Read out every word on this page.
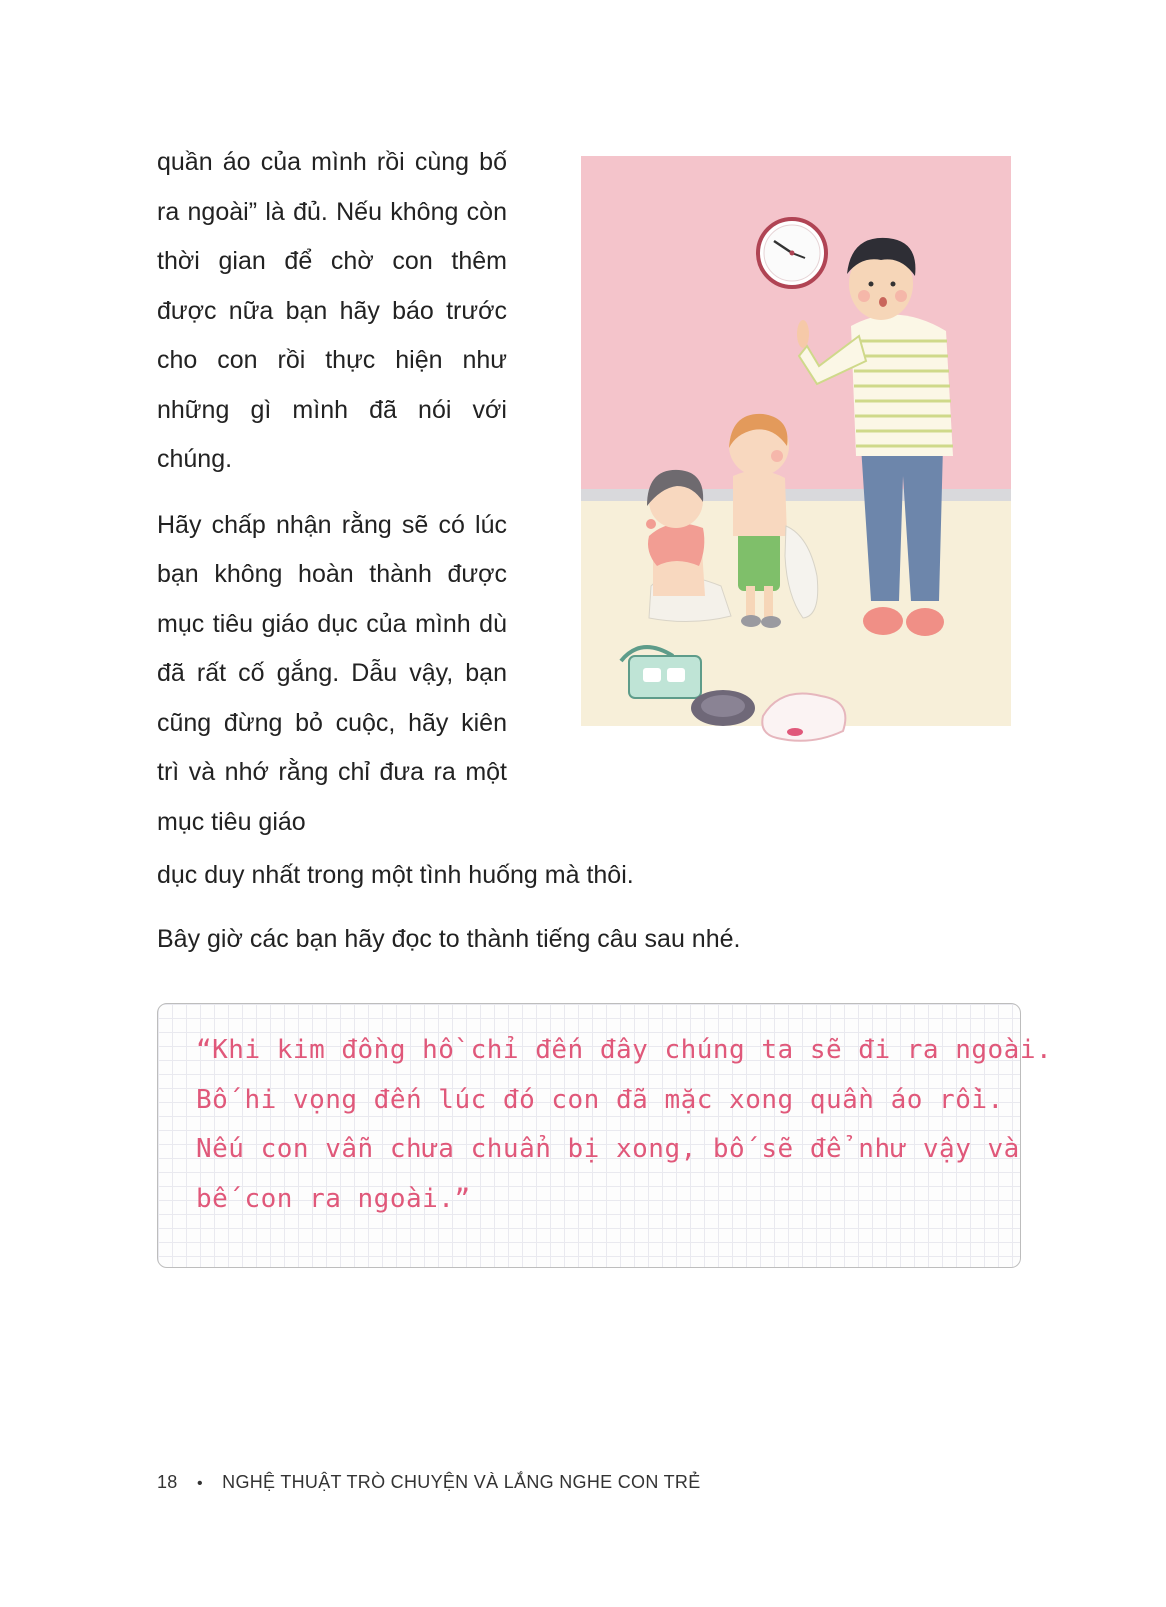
quần áo của mình rồi cùng bố ra ngoài” là đủ. Nếu không còn thời gian để chờ con thêm được nữa bạn hãy báo trước cho con rồi thực hiện như những gì mình đã nói với chúng.

Hãy chấp nhận rằng sẽ có lúc bạn không hoàn thành được mục tiêu giáo dục của mình dù đã rất cố gắng. Dẫu vậy, bạn cũng đừng bỏ cuộc, hãy kiên trì và nhớ rằng chỉ đưa ra một mục tiêu giáo

dục duy nhất trong một tình huống mà thôi.
Bây giờ các bạn hãy đọc to thành tiếng câu sau nhé.
“Khi kim đồng hồ chỉ đến đây chúng ta sẽ đi ra ngoài.
Bố hi vọng đến lúc đó con đã mặc xong quần áo rồi.
Nếu con vẫn chưa chuẩn bị xong, bố sẽ để như vậy và
bế con ra ngoài.”
18 • NGHỆ THUẬT TRÒ CHUYỆN VÀ LẮNG NGHE CON TRẺ
